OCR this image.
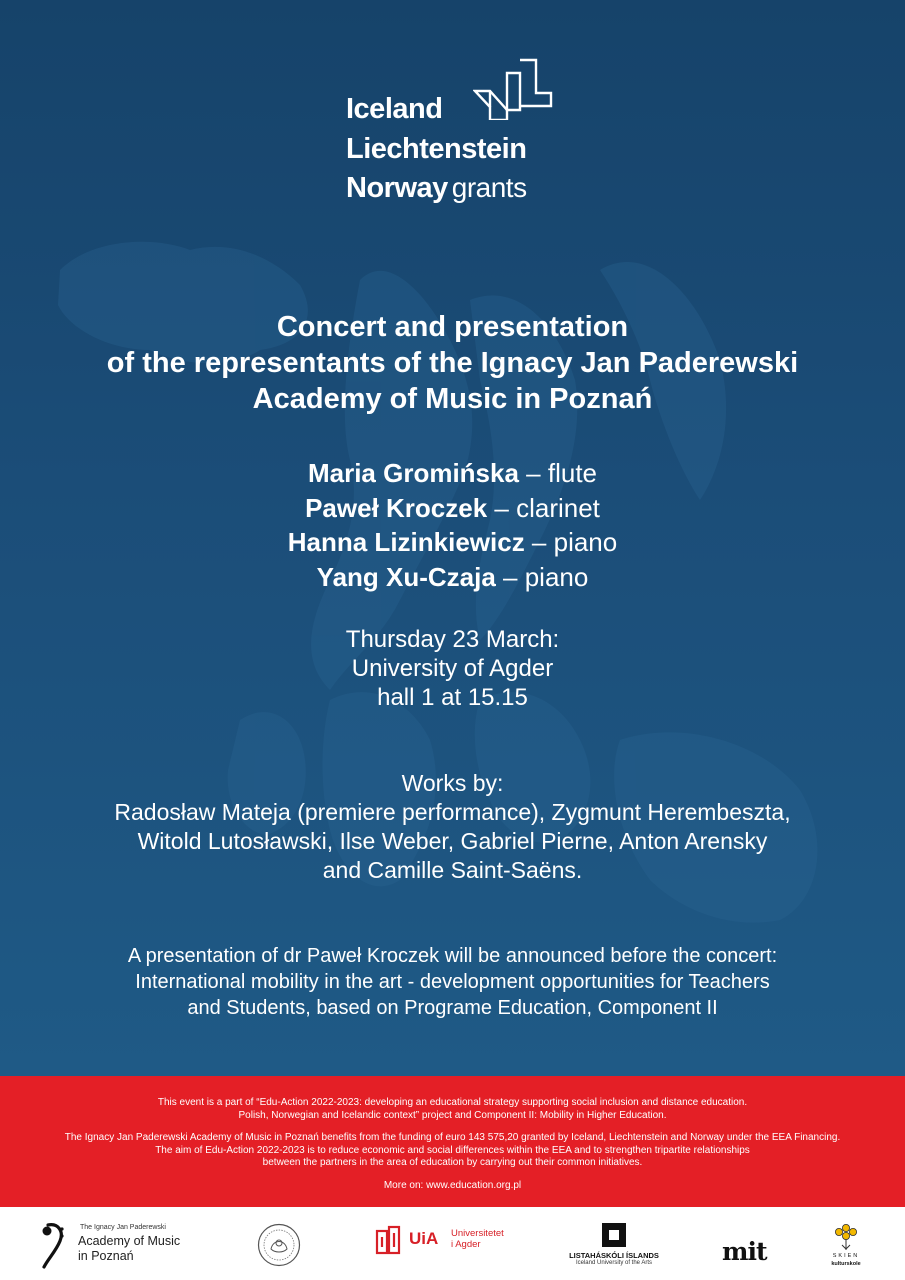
Iceland
Liechtenstein
Norway grants
Concert and presentation
of the representants of the Ignacy Jan Paderewski
Academy of Music in Poznań
Maria Gromińska – flute
Paweł Kroczek – clarinet
Hanna Lizinkiewicz – piano
Yang Xu-Czaja – piano
Thursday 23 March:
University of Agder
hall 1 at 15.15
Works by:
Radosław Mateja (premiere performance), Zygmunt Herembeszta,
Witold Lutosławski, Ilse Weber, Gabriel Pierne, Anton Arensky
and Camille Saint-Saëns.
A presentation of dr Paweł Kroczek will be announced before the concert:
International mobility in the art - development opportunities for Teachers
and Students, based on Programe Education, Component II
This event is a part of “Edu-Action 2022-2023: developing an educational strategy supporting social inclusion and distance education.
Polish, Norwegian and Icelandic context” project and Component II: Mobility in Higher Education.
The Ignacy Jan Paderewski Academy of Music in Poznań benefits from the funding of euro 143 575,20 granted by Iceland, Liechtenstein and Norway under the EEA Financing.
The aim of Edu-Action 2022-2023 is to reduce economic and social differences within the EEA and to strengthen tripartite relationships
between the partners in the area of education by carrying out their common initiatives.
More on: www.education.org.pl
The Ignacy Jan Paderewski
Academy of Music
in Poznań
UiA Universitetet
i Agder
LISTAHÁSKÓLI ÍSLANDS
Iceland University of the Arts	mit	SKIEN
kulturskole
